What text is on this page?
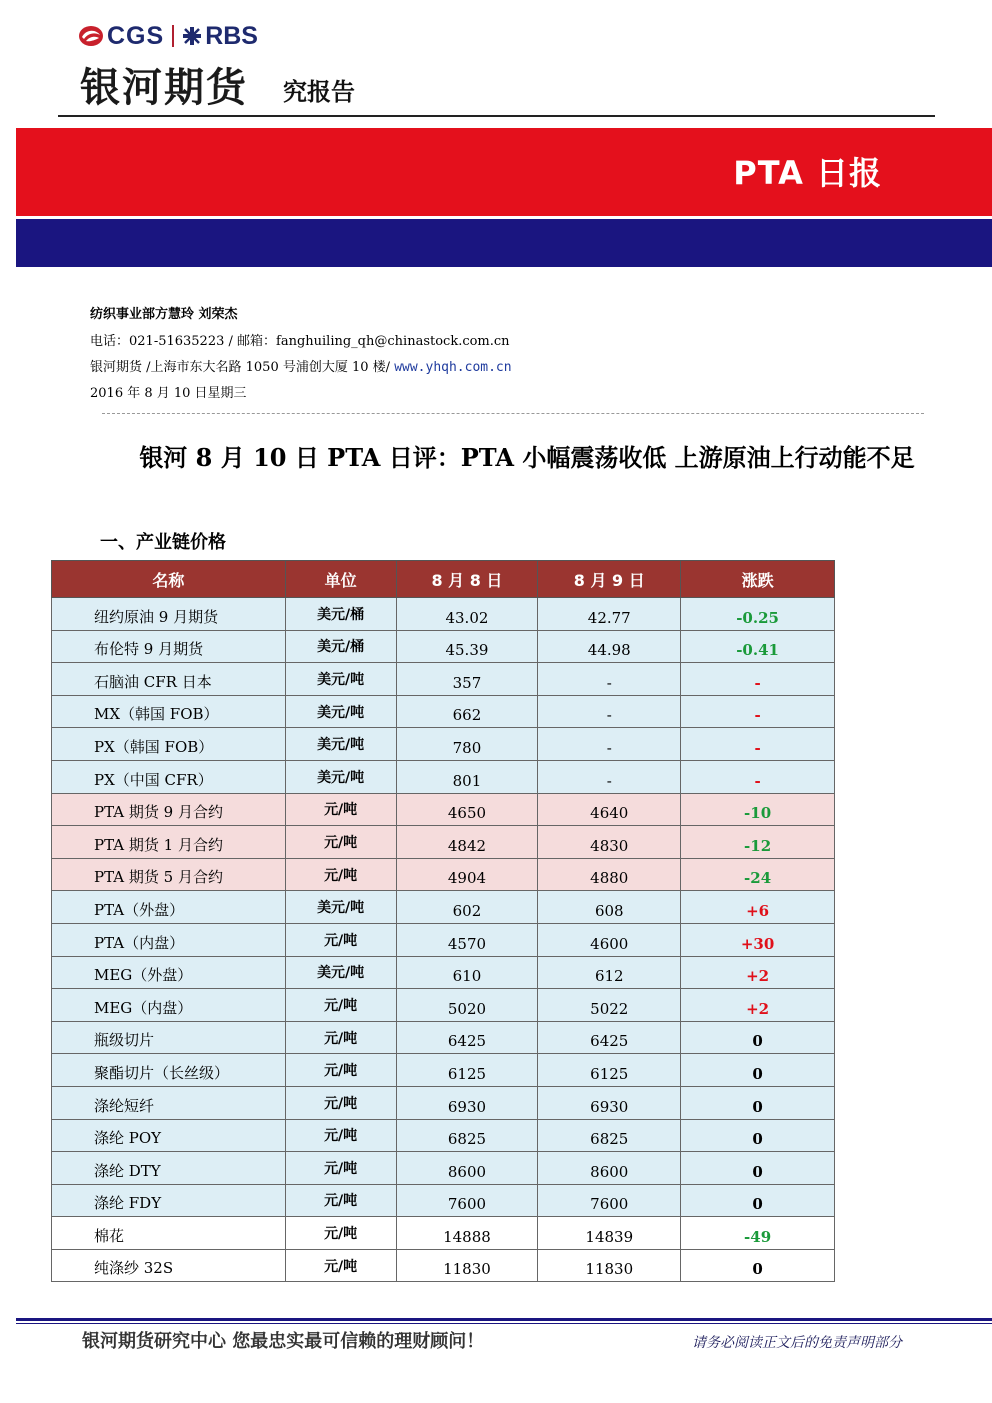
CGS RBS
银河期货 究报告
PTA 日报
纺织事业部方慧玲 刘荣杰
电话：021-51635223 / 邮箱：fanghuiling_qh@chinastock.com.cn
银河期货 /上海市东大名路 1050 号浦创大厦 10 楼/ www.yhqh.com.cn
2016 年 8 月 10 日星期三
银河 8 月 10 日 PTA 日评：PTA 小幅震荡收低 上游原油上行动能不足
一、产业链价格
名称	单位	8 月 8 日	8 月 9 日	涨跌
纽约原油 9 月期货	美元/桶	43.02	42.77	-0.25
布伦特 9 月期货	美元/桶	45.39	44.98	-0.41
石脑油 CFR 日本	美元/吨	357	-	-
MX（韩国 FOB）	美元/吨	662	-	-
PX（韩国 FOB）	美元/吨	780	-	-
PX（中国 CFR）	美元/吨	801	-	-
PTA 期货 9 月合约	元/吨	4650	4640	-10
PTA 期货 1 月合约	元/吨	4842	4830	-12
PTA 期货 5 月合约	元/吨	4904	4880	-24
PTA（外盘）	美元/吨	602	608	+6
PTA（内盘）	元/吨	4570	4600	+30
MEG（外盘）	美元/吨	610	612	+2
MEG（内盘）	元/吨	5020	5022	+2
瓶级切片	元/吨	6425	6425	0
聚酯切片（长丝级）	元/吨	6125	6125	0
涤纶短纤	元/吨	6930	6930	0
涤纶 POY	元/吨	6825	6825	0
涤纶 DTY	元/吨	8600	8600	0
涤纶 FDY	元/吨	7600	7600	0
棉花	元/吨	14888	14839	-49
纯涤纱 32S	元/吨	11830	11830	0
银河期货研究中心 您最忠实最可信赖的理财顾问！	请务必阅读正文后的免责声明部分
